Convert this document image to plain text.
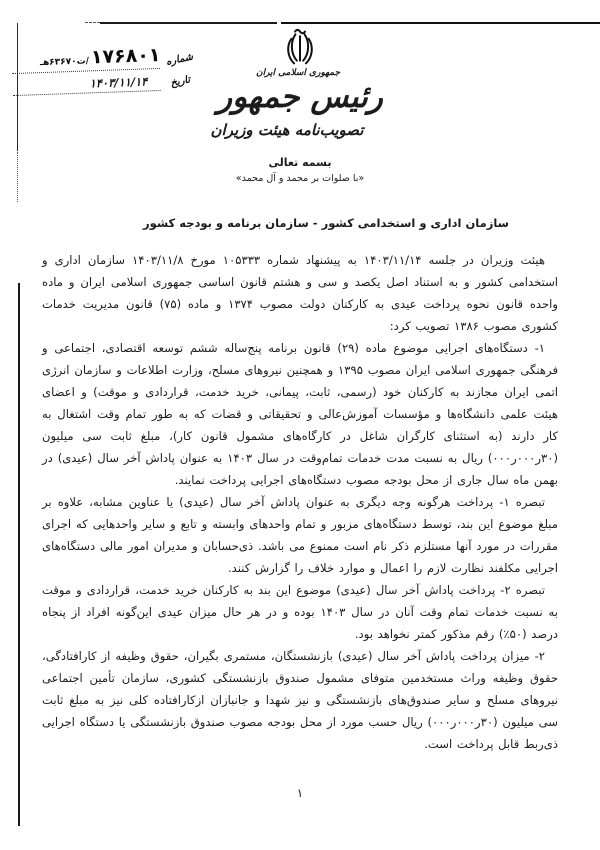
شماره
۱۷۶۸۰۱
/ت۶۳۶۷۰هـ
تاریخ
۱۴۰۳/۱۱/۱۴
جمهوری اسلامی ایران
رئیس جمهور
تصویب‌نامه هیئت وزیران
بسمه تعالی
«با صلوات بر محمد و آل محمد»
سازمان اداری و استخدامی کشور - سازمان برنامه و بودجه کشور

هیئت وزیران در جلسه ۱۴۰۳/۱۱/۱۴ به پیشنهاد شماره ۱۰۵۳۳۳ مورخ ۱۴۰۳/۱۱/۸ سازمان اداری و استخدامی کشور و به استناد اصل یکصد و سی و هشتم قانون اساسی جمهوری اسلامی ایران و ماده واحده قانون نحوه پرداخت عیدی به کارکنان دولت مصوب ۱۳۷۴ و ماده (۷۵) قانون مدیریت خدمات کشوری مصوب ۱۳۸۶ تصویب کرد:

۱- دستگاه‌های اجرایی موضوع ماده (۲۹) قانون برنامه پنج‌ساله ششم توسعه اقتصادی، اجتماعی و فرهنگی جمهوری اسلامی ایران مصوب ۱۳۹۵ و همچنین نیروهای مسلح، وزارت اطلاعات و سازمان انرژی اتمی ایران مجازند به کارکنان خود (رسمی، ثابت، پیمانی، خرید خدمت، قراردادی و موقت) و اعضای هیئت علمی دانشگاه‌ها و مؤسسات آموزش‌عالی و تحقیقاتی و قضات که به طور تمام وقت اشتغال به کار دارند (به استثنای کارگران شاغل در کارگاه‌های مشمول قانون کار)، مبلغ ثابت سی میلیون (۳۰ر۰۰۰ر۰۰۰) ریال به نسبت مدت خدمات تمام‌وقت در سال ۱۴۰۳ به عنوان پاداش آخر سال (عیدی) در بهمن ماه سال جاری از محل بودجه مصوب دستگاه‌های اجرایی پرداخت نمایند.

تبصره ۱- پرداخت هرگونه وجه دیگری به عنوان پاداش آخر سال (عیدی) یا عناوین مشابه، علاوه بر مبلغ موضوع این بند، توسط دستگاه‌های مزبور و تمام واحدهای وابسته و تابع و سایر واحدهایی که اجرای مقررات در مورد آنها مستلزم ذکر نام است ممنوع می باشد. ذی‌حسابان و مدیران امور مالی دستگاه‌های اجرایی مکلفند نظارت لازم را اعمال و موارد خلاف را گزارش کنند.

تبصره ۲- پرداخت پاداش آخر سال (عیدی) موضوع این بند به کارکنان خرید خدمت، قراردادی و موقت به نسبت خدمات تمام وقت آنان در سال ۱۴۰۳ بوده و در هر حال میزان عیدی این‌گونه افراد از پنجاه درصد (۵۰٪) رقم مذکور کمتر نخواهد بود.

۲- میزان پرداخت پاداش آخر سال (عیدی) بازنشستگان، مستمری بگیران، حقوق وظیفه از کارافتادگی، حقوق وظیفه وراث مستخدمین متوفای مشمول صندوق بازنشستگی کشوری، سازمان تأمین اجتماعی نیروهای مسلح و سایر صندوق‌های بازنشستگی و نیز شهدا و جانبازان ازکارافتاده کلی نیز به مبلغ ثابت سی میلیون (۳۰ر۰۰۰ر۰۰۰) ریال حسب مورد از محل بودجه مصوب صندوق بازنشستگی یا دستگاه اجرایی ذی‌ربط قابل پرداخت است.

۱
